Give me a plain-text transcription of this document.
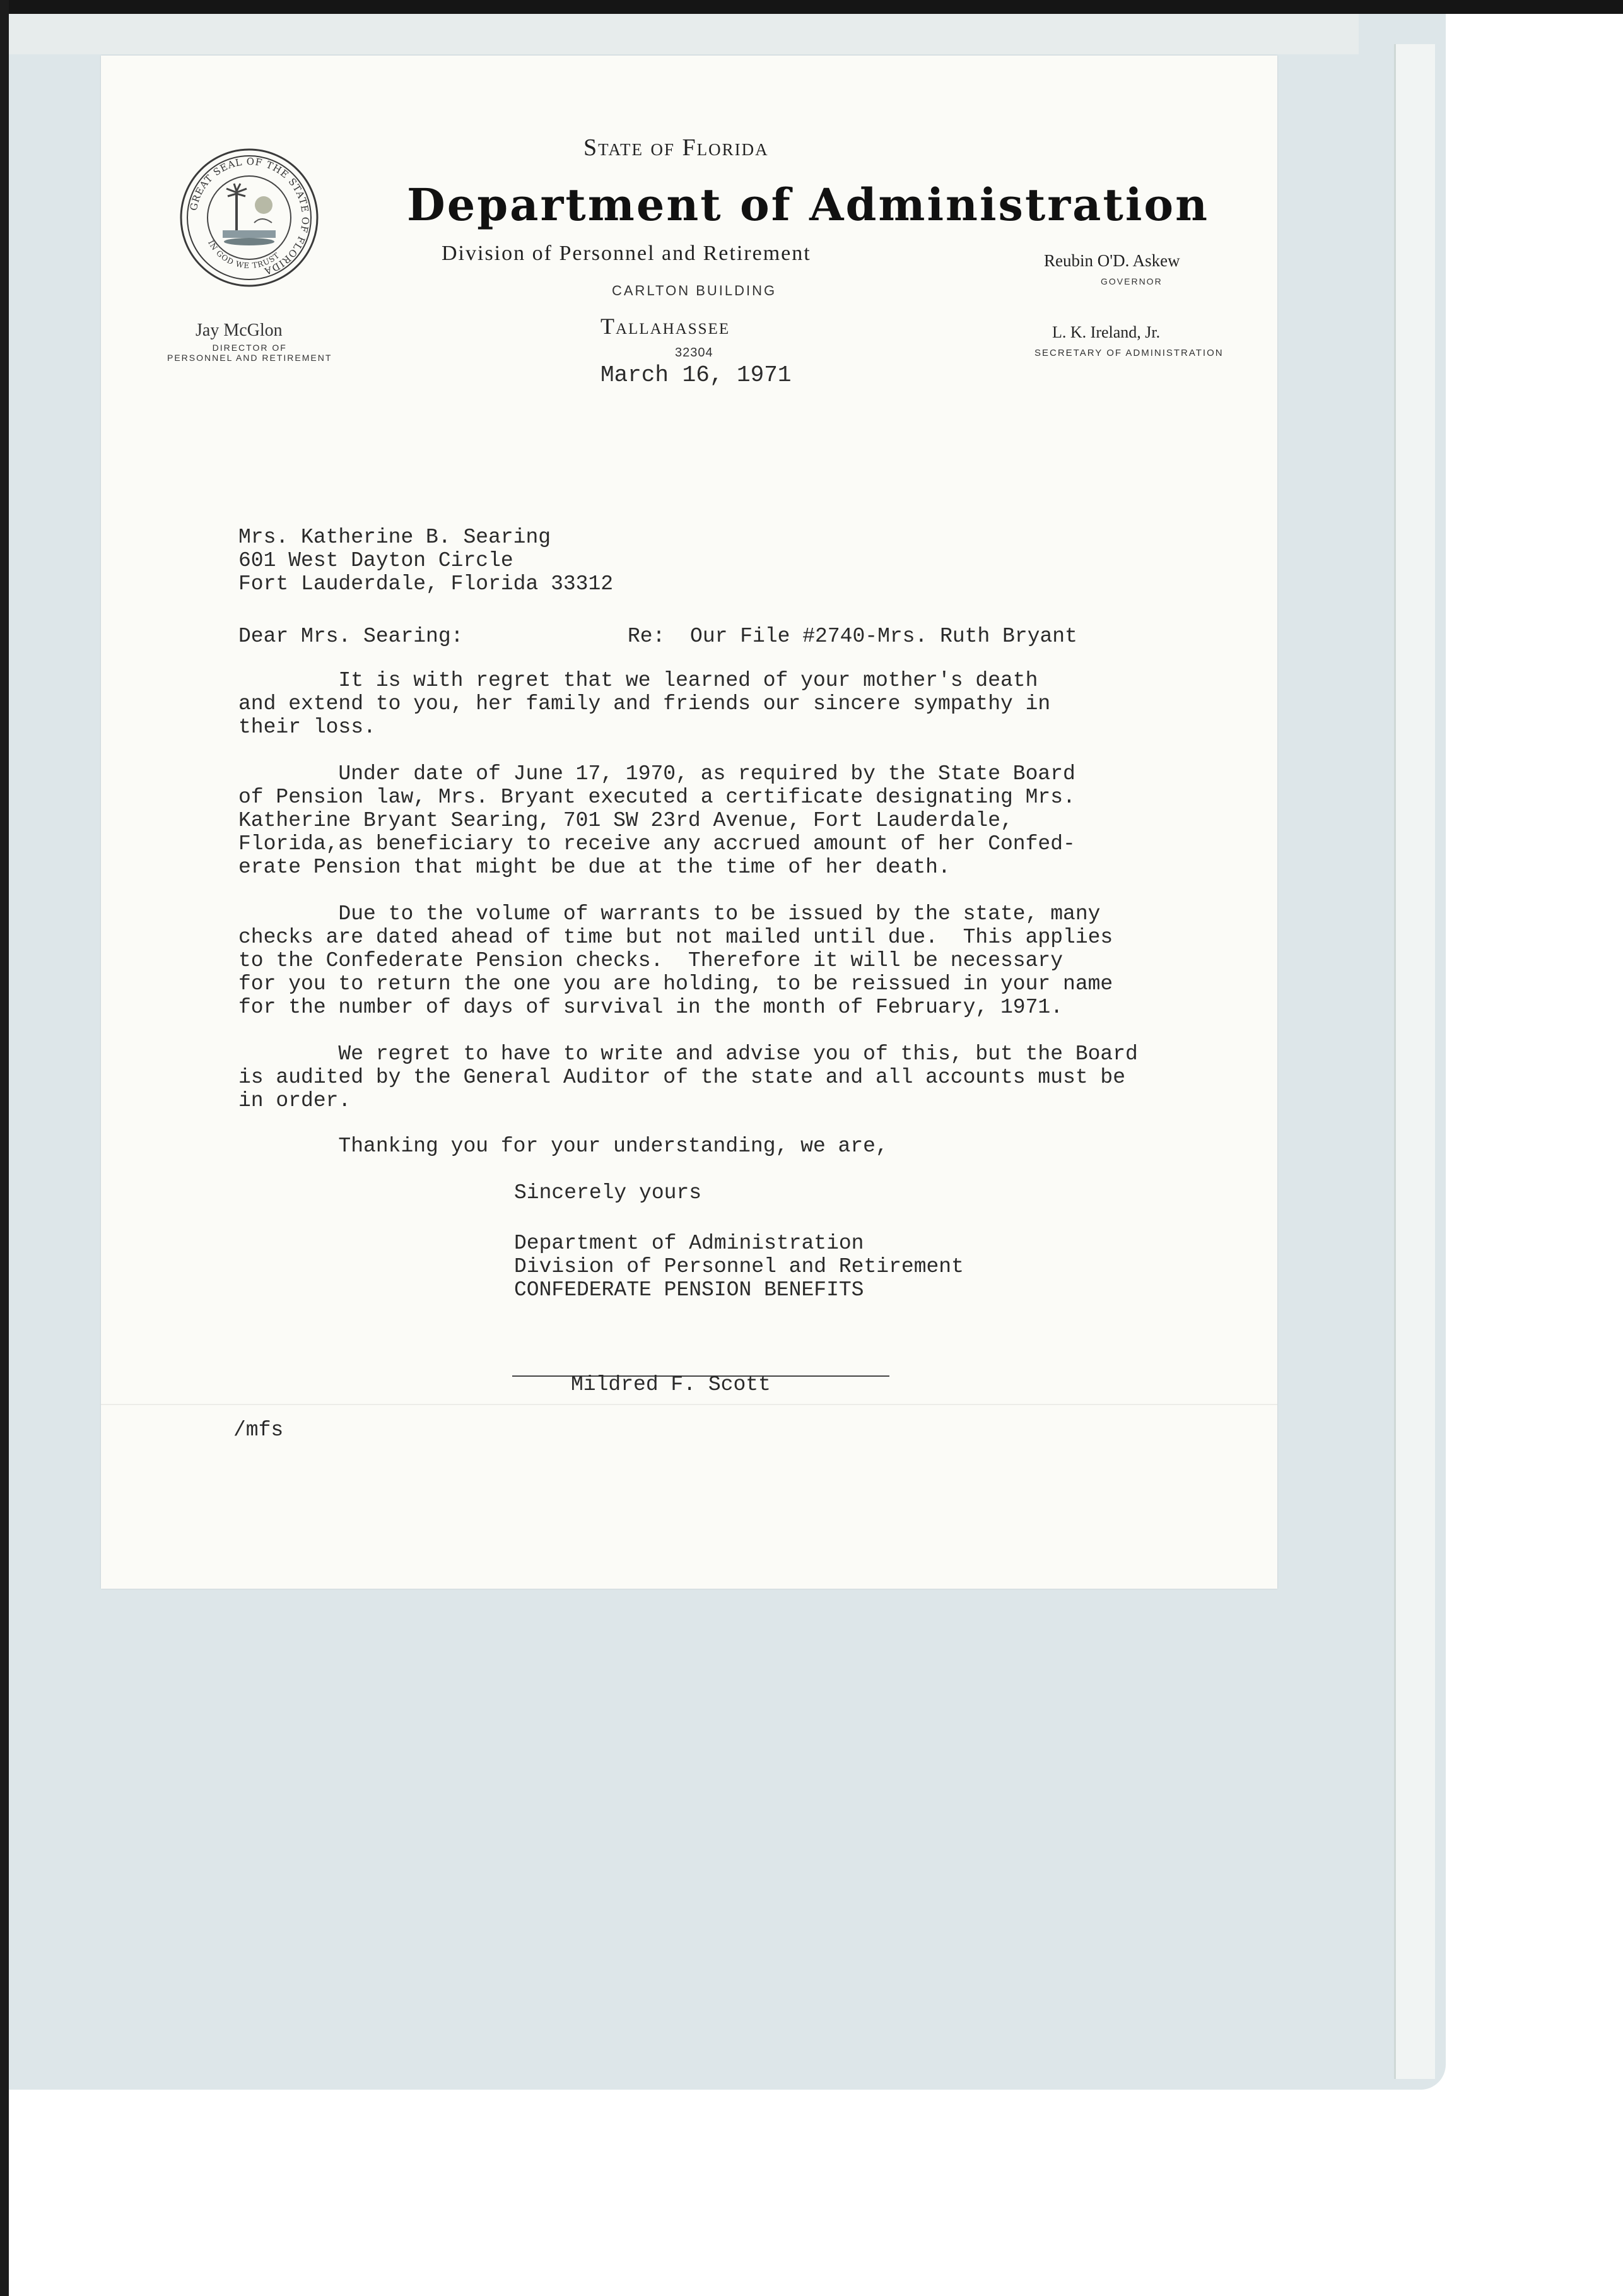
GREAT SEAL OF THE STATE OF FLORIDA
IN GOD WE TRUST

State of Florida

Department of Administration

Division of Personnel and Retirement

CARLTON BUILDING

Tallahassee

32304

March 16, 1971

Jay McGlon

DIRECTOR OF
PERSONNEL AND RETIREMENT

Reubin O'D. Askew

GOVERNOR

L. K. Ireland, Jr.

SECRETARY OF ADMINISTRATION

Mrs. Katherine B. Searing
601 West Dayton Circle
Fort Lauderdale, Florida 33312
Dear Mrs. Searing:	Re:  Our File #2740-Mrs. Ruth Bryant
It is with regret that we learned of your mother's death
and extend to you, her family and friends our sincere sympathy in
their loss.
Under date of June 17, 1970, as required by the State Board
of Pension law, Mrs. Bryant executed a certificate designating Mrs.
Katherine Bryant Searing, 701 SW 23rd Avenue, Fort Lauderdale,
Florida,as beneficiary to receive any accrued amount of her Confed-
erate Pension that might be due at the time of her death.
Due to the volume of warrants to be issued by the state, many
checks are dated ahead of time but not mailed until due.  This applies
to the Confederate Pension checks.  Therefore it will be necessary
for you to return the one you are holding, to be reissued in your name
for the number of days of survival in the month of February, 1971.
We regret to have to write and advise you of this, but the Board
is audited by the General Auditor of the state and all accounts must be
in order.
Thanking you for your understanding, we are,
Sincerely yours
Department of Administration
Division of Personnel and Retirement
CONFEDERATE PENSION BENEFITS
Mildred F. Scott
/mfs
